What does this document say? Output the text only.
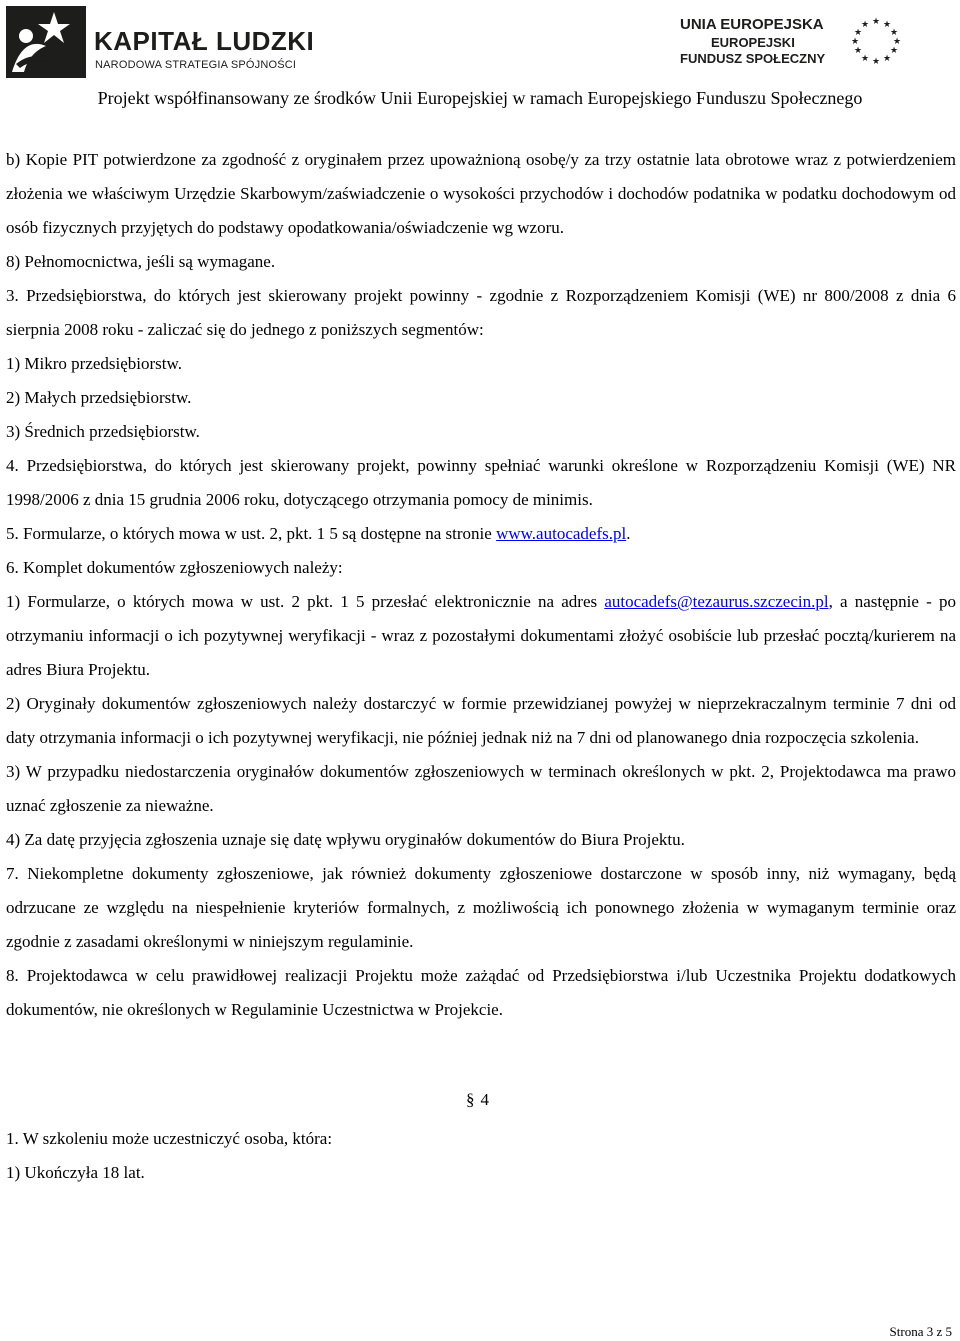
KAPITAŁ LUDZKI
NARODOWA STRATEGIA SPÓJNOŚCI
UNIA EUROPEJSKA
EUROPEJSKI
FUNDUSZ SPOŁECZNY
★ ★
★
★
★
★
★
★
★
★
★
★
Projekt współfinansowany ze środków Unii Europejskiej w ramach Europejskiego Funduszu Społecznego

b) Kopie PIT potwierdzone za zgodność z oryginałem przez upoważnioną osobę/y za trzy ostatnie lata obrotowe wraz z potwierdzeniem złożenia we właściwym Urzędzie Skarbowym/zaświadczenie o wysokości przychodów i dochodów podatnika w podatku dochodowym od osób fizycznych przyjętych do podstawy opodatkowania/oświadczenie wg wzoru.

8) Pełnomocnictwa, jeśli są wymagane.

3. Przedsiębiorstwa, do których jest skierowany projekt powinny - zgodnie z Rozporządzeniem Komisji (WE) nr 800/2008 z dnia 6 sierpnia 2008 roku - zaliczać się do jednego z poniższych segmentów:

1) Mikro przedsiębiorstw.

2) Małych przedsiębiorstw.

3) Średnich przedsiębiorstw.

4. Przedsiębiorstwa, do których jest skierowany projekt, powinny spełniać warunki określone w Rozporządzeniu Komisji (WE) NR 1998/2006 z dnia 15 grudnia 2006 roku, dotyczącego otrzymania pomocy de minimis.

5. Formularze, o których mowa w ust. 2, pkt. 1 5 są dostępne na stronie www.autocadefs.pl.

6. Komplet dokumentów zgłoszeniowych należy:

1) Formularze, o których mowa w ust. 2 pkt. 1 5 przesłać elektronicznie na adres autocadefs@tezaurus.szczecin.pl, a następnie - po otrzymaniu informacji o ich pozytywnej weryfikacji - wraz z pozostałymi dokumentami złożyć osobiście lub przesłać pocztą/kurierem na adres Biura Projektu.

2) Oryginały dokumentów zgłoszeniowych należy dostarczyć w formie przewidzianej powyżej w nieprzekraczalnym terminie 7 dni od daty otrzymania informacji o ich pozytywnej weryfikacji, nie później jednak niż na 7 dni od planowanego dnia rozpoczęcia szkolenia.

3) W przypadku niedostarczenia oryginałów dokumentów zgłoszeniowych w terminach określonych w pkt. 2, Projektodawca ma prawo uznać zgłoszenie za nieważne.

4) Za datę przyjęcia zgłoszenia uznaje się datę wpływu oryginałów dokumentów do Biura Projektu.

7. Niekompletne dokumenty zgłoszeniowe, jak również dokumenty zgłoszeniowe dostarczone w sposób inny, niż wymagany, będą odrzucane ze względu na niespełnienie kryteriów formalnych, z możliwością ich ponownego złożenia w wymaganym terminie oraz zgodnie z zasadami określonymi w niniejszym regulaminie.

8. Projektodawca w celu prawidłowej realizacji Projektu może zażądać od Przedsiębiorstwa i/lub Uczestnika Projektu dodatkowych dokumentów, nie określonych w Regulaminie Uczestnictwa w Projekcie.

§ 4

1. W szkoleniu może uczestniczyć osoba, która:

1) Ukończyła 18 lat.

Strona 3 z 5
